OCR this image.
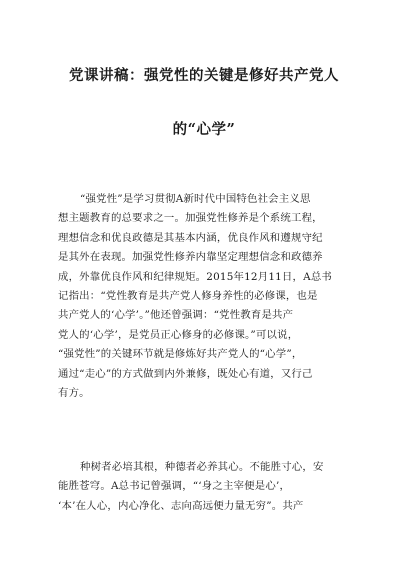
党课讲稿：强党性的关键是修好共产党人
的“心学”
“强党性”是学习贯彻A新时代中国特色社会主义思
想主题教育的总要求之一。加强党性修养是个系统工程，
理想信念和优良政德是其基本内涵，优良作风和遵规守纪
是其外在表现。加强党性修养内靠坚定理想信念和政德养
成，外靠优良作风和纪律规矩。2015年12月11日，A总书
记指出：“党性教育是共产党人修身养性的必修课，也是
共产党人的‘心学’。”他还曾强调：“党性教育是共产
党人的‘心学’，是党员正心修身的必修课。”可以说，
“强党性”的关键环节就是修炼好共产党人的“心学”，
通过“走心”的方式做到内外兼修，既处心有道，又行己
有方。
种树者必培其根，种德者必养其心。不能胜寸心，安
能胜苍穹。A总书记曾强调，“‘身之主宰便是心’，
‘本’在人心，内心净化、志向高远便力量无穷”。共产
